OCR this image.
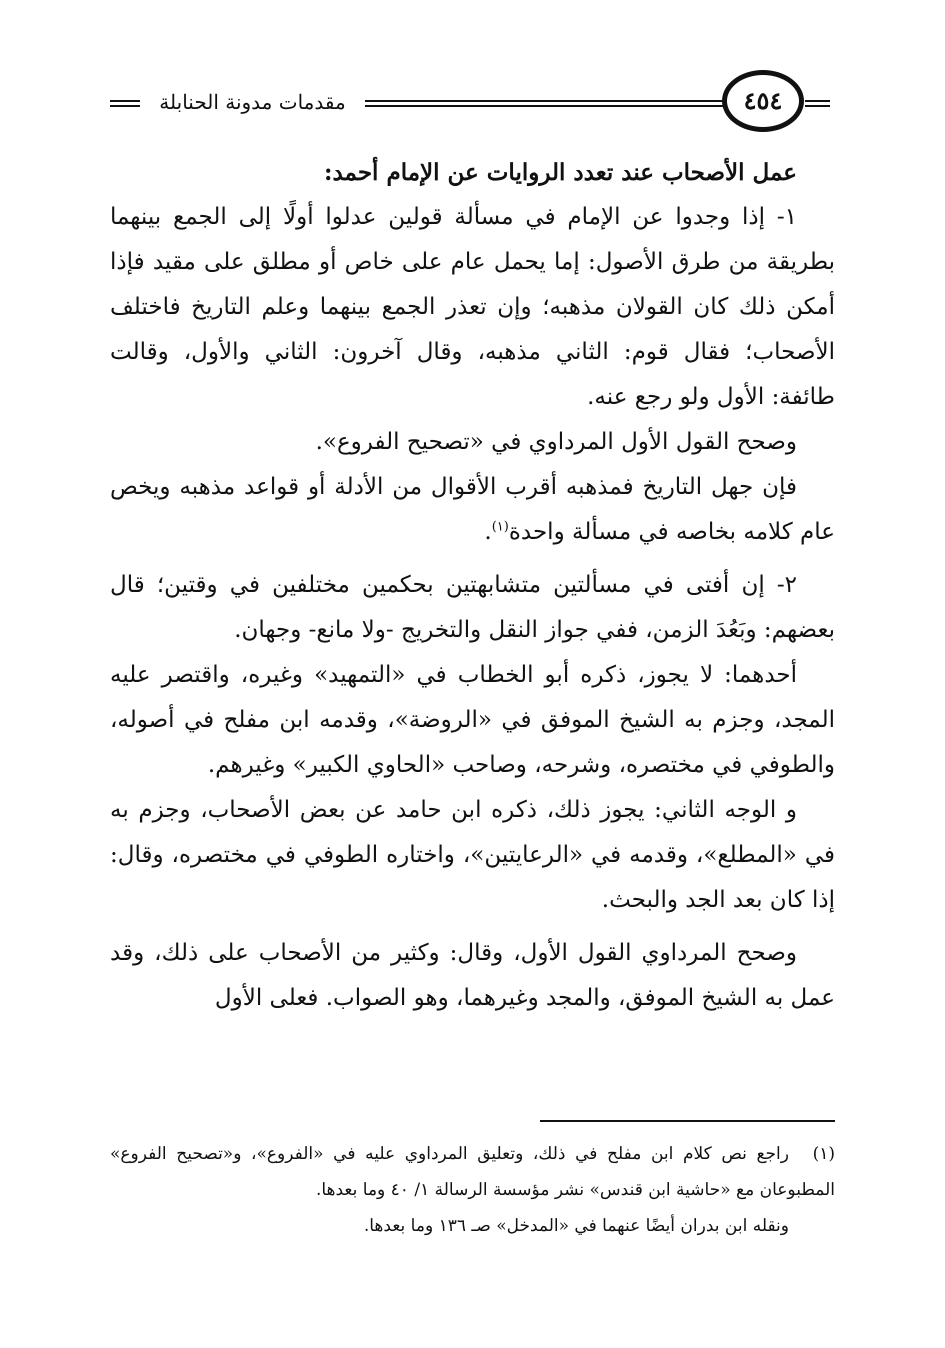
مقدمات مدونة الحنابلة	٤٥٤

عمل الأصحاب عند تعدد الروايات عن الإمام أحمد:

١- إذا وجدوا عن الإمام في مسألة قولين عدلوا أولًا إلى الجمع بينهما بطريقة من طرق الأصول: إما يحمل عام على خاص أو مطلق على مقيد فإذا أمكن ذلك كان القولان مذهبه؛ وإن تعذر الجمع بينهما وعلم التاريخ فاختلف الأصحاب؛ فقال قوم: الثاني مذهبه، وقال آخرون: الثاني والأول، وقالت طائفة: الأول ولو رجع عنه.

وصحح القول الأول المرداوي في «تصحيح الفروع».

فإن جهل التاريخ فمذهبه أقرب الأقوال من الأدلة أو قواعد مذهبه ويخص عام كلامه بخاصه في مسألة واحدة$^{(١)}$.

٢- إن أفتى في مسألتين متشابهتين بحكمين مختلفين في وقتين؛ قال بعضهم: وبَعُدَ الزمن، ففي جواز النقل والتخريج -ولا مانع- وجهان.

أحدهما: لا يجوز، ذكره أبو الخطاب في «التمهيد» وغيره، واقتصر عليه المجد، وجزم به الشيخ الموفق في «الروضة»، وقدمه ابن مفلح في أصوله، والطوفي في مختصره، وشرحه، وصاحب «الحاوي الكبير» وغيرهم.

و الوجه الثاني: يجوز ذلك، ذكره ابن حامد عن بعض الأصحاب، وجزم به في «المطلع»، وقدمه في «الرعايتين»، واختاره الطوفي في مختصره، وقال: إذا كان بعد الجد والبحث.

وصحح المرداوي القول الأول، وقال: وكثير من الأصحاب على ذلك، وقد عمل به الشيخ الموفق، والمجد وغيرهما، وهو الصواب. فعلى الأول

(١)راجع نص كلام ابن مفلح في ذلك، وتعليق المرداوي عليه في «الفروع»، و«تصحيح الفروع» المطبوعان مع «حاشية ابن قندس» نشر مؤسسة الرسالة ١/ ٤٠ وما بعدها.

ونقله ابن بدران أيضًا عنهما في «المدخل» صـ ١٣٦ وما بعدها.
